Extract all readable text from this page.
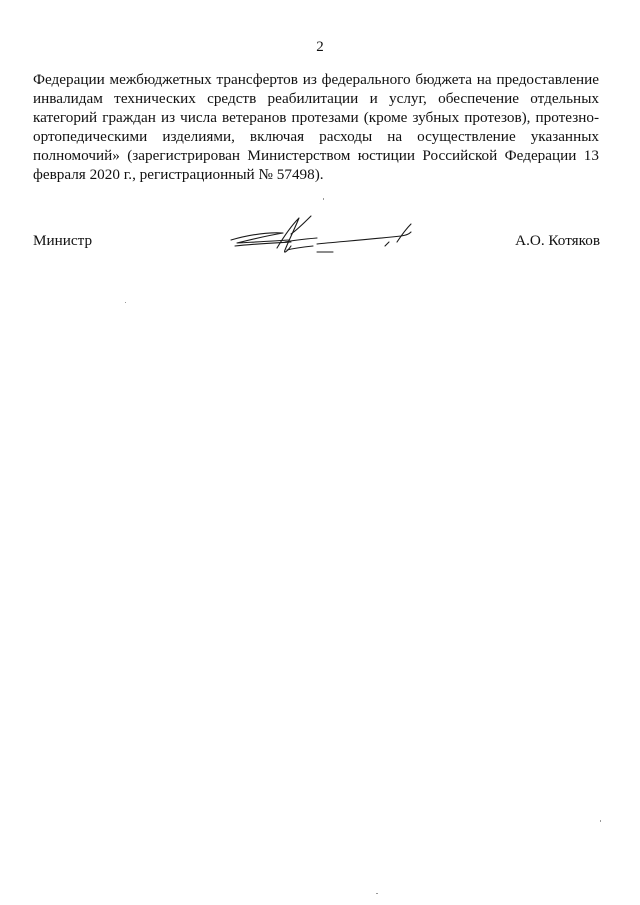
2

Федерации межбюджетных трансфертов из федерального бюджета на предоставление инвалидам технических средств реабилитации и услуг, обеспечение отдельных категорий граждан из числа ветеранов протезами (кроме зубных протезов), протезно-ортопедическими изделиями, включая расходы на осуществление указанных полномочий» (зарегистрирован Министерством юстиции Российской Федерации 13 февраля 2020 г., регистрационный № 57498).

Министр	А.О. Котяков
